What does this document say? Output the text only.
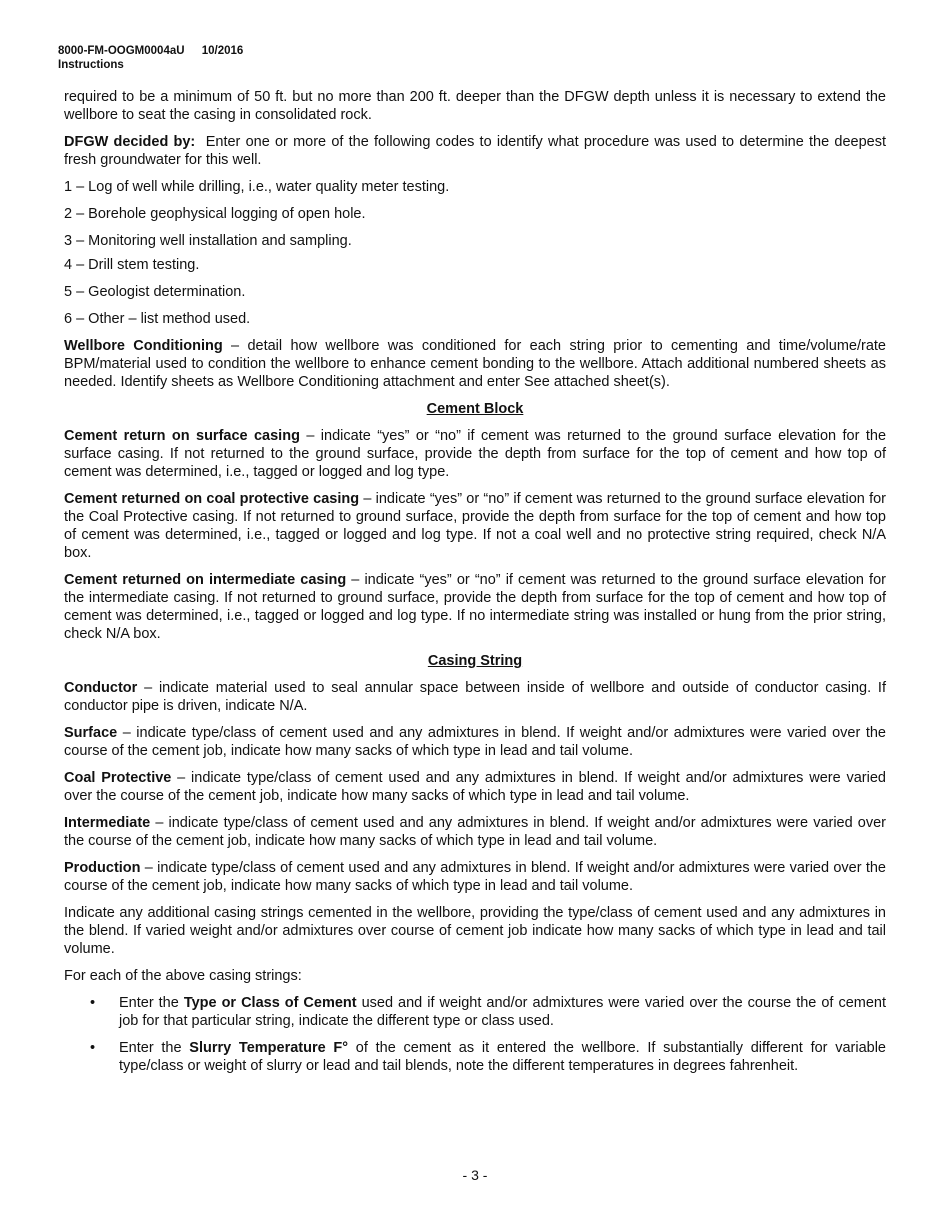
8000-FM-OOGM0004aU 10/2016
Instructions

required to be a minimum of 50 ft. but no more than 200 ft. deeper than the DFGW depth unless it is necessary to extend the wellbore to seat the casing in consolidated rock.

DFGW decided by: Enter one or more of the following codes to identify what procedure was used to determine the deepest fresh groundwater for this well.

1 – Log of well while drilling, i.e., water quality meter testing.
2 – Borehole geophysical logging of open hole.
3 – Monitoring well installation and sampling.
4 – Drill stem testing.
5 – Geologist determination.
6 – Other – list method used.

Wellbore Conditioning – detail how wellbore was conditioned for each string prior to cementing and time/volume/rate BPM/material used to condition the wellbore to enhance cement bonding to the wellbore. Attach additional numbered sheets as needed. Identify sheets as Wellbore Conditioning attachment and enter See attached sheet(s).

Cement Block

Cement return on surface casing – indicate “yes” or “no” if cement was returned to the ground surface elevation for the surface casing. If not returned to the ground surface, provide the depth from surface for the top of cement and how top of cement was determined, i.e., tagged or logged and log type.

Cement returned on coal protective casing – indicate “yes” or “no” if cement was returned to the ground surface elevation for the Coal Protective casing. If not returned to ground surface, provide the depth from surface for the top of cement and how top of cement was determined, i.e., tagged or logged and log type. If not a coal well and no protective string required, check N/A box.

Cement returned on intermediate casing – indicate “yes” or “no” if cement was returned to the ground surface elevation for the intermediate casing. If not returned to ground surface, provide the depth from surface for the top of cement and how top of cement was determined, i.e., tagged or logged and log type. If no intermediate string was installed or hung from the prior string, check N/A box.

Casing String

Conductor – indicate material used to seal annular space between inside of wellbore and outside of conductor casing. If conductor pipe is driven, indicate N/A.

Surface – indicate type/class of cement used and any admixtures in blend. If weight and/or admixtures were varied over the course of the cement job, indicate how many sacks of which type in lead and tail volume.

Coal Protective – indicate type/class of cement used and any admixtures in blend. If weight and/or admixtures were varied over the course of the cement job, indicate how many sacks of which type in lead and tail volume.

Intermediate – indicate type/class of cement used and any admixtures in blend. If weight and/or admixtures were varied over the course of the cement job, indicate how many sacks of which type in lead and tail volume.

Production – indicate type/class of cement used and any admixtures in blend. If weight and/or admixtures were varied over the course of the cement job, indicate how many sacks of which type in lead and tail volume.

Indicate any additional casing strings cemented in the wellbore, providing the type/class of cement used and any admixtures in the blend. If varied weight and/or admixtures over course of cement job indicate how many sacks of which type in lead and tail volume.

For each of the above casing strings:

• Enter the Type or Class of Cement used and if weight and/or admixtures were varied over the course the of cement job for that particular string, indicate the different type or class used.
• Enter the Slurry Temperature F° of the cement as it entered the wellbore. If substantially different for variable type/class or weight of slurry or lead and tail blends, note the different temperatures in degrees fahrenheit.
- 3 -
